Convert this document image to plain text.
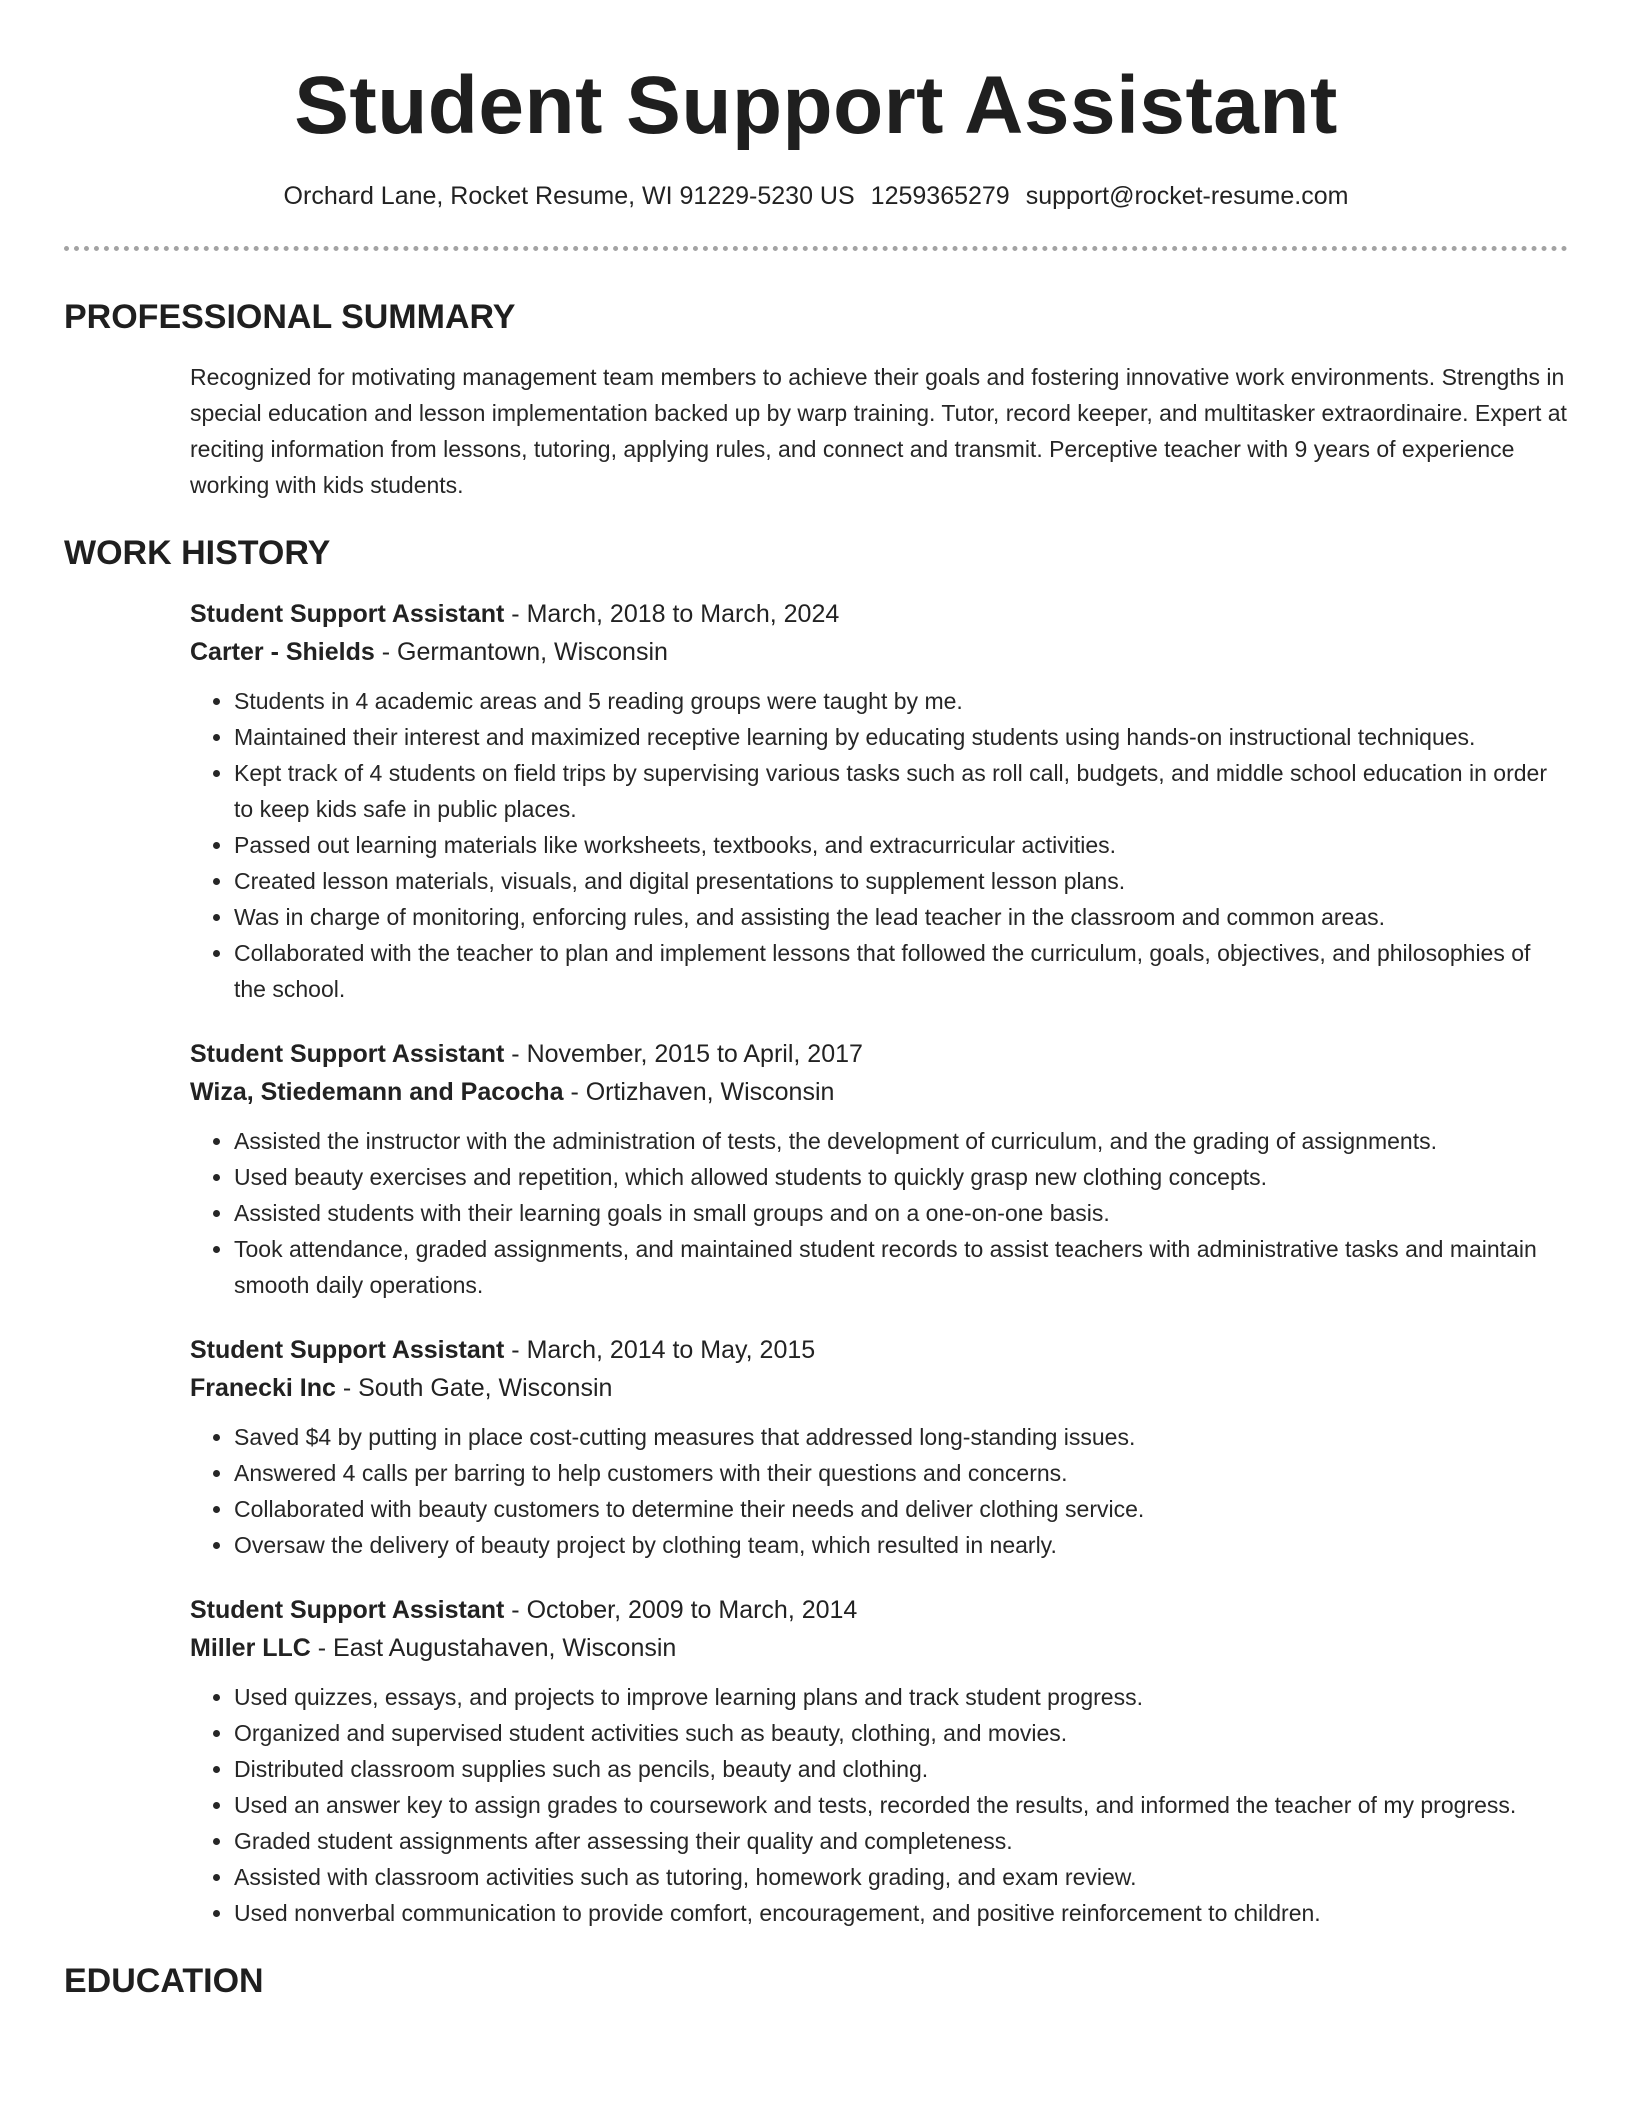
Student Support Assistant
Orchard Lane, Rocket Resume, WI 91229-5230 US 1259365279 support@rocket-resume.com
PROFESSIONAL SUMMARY

Recognized for motivating management team members to achieve their goals and fostering innovative work environments. Strengths in special education and lesson implementation backed up by warp training. Tutor, record keeper, and multitasker extraordinaire. Expert at reciting information from lessons, tutoring, applying rules, and connect and transmit. Perceptive teacher with 9 years of experience working with kids students.

WORK HISTORY
Student Support Assistant - March, 2018 to March, 2024
Carter - Shields - Germantown, Wisconsin
• Students in 4 academic areas and 5 reading groups were taught by me.
• Maintained their interest and maximized receptive learning by educating students using hands-on instructional techniques.
• Kept track of 4 students on field trips by supervising various tasks such as roll call, budgets, and middle school education in order to keep kids safe in public places.
• Passed out learning materials like worksheets, textbooks, and extracurricular activities.
• Created lesson materials, visuals, and digital presentations to supplement lesson plans.
• Was in charge of monitoring, enforcing rules, and assisting the lead teacher in the classroom and common areas.
• Collaborated with the teacher to plan and implement lessons that followed the curriculum, goals, objectives, and philosophies of the school.
Student Support Assistant - November, 2015 to April, 2017
Wiza, Stiedemann and Pacocha - Ortizhaven, Wisconsin
• Assisted the instructor with the administration of tests, the development of curriculum, and the grading of assignments.
• Used beauty exercises and repetition, which allowed students to quickly grasp new clothing concepts.
• Assisted students with their learning goals in small groups and on a one-on-one basis.
• Took attendance, graded assignments, and maintained student records to assist teachers with administrative tasks and maintain smooth daily operations.
Student Support Assistant - March, 2014 to May, 2015
Franecki Inc - South Gate, Wisconsin
• Saved $4 by putting in place cost-cutting measures that addressed long-standing issues.
• Answered 4 calls per barring to help customers with their questions and concerns.
• Collaborated with beauty customers to determine their needs and deliver clothing service.
• Oversaw the delivery of beauty project by clothing team, which resulted in nearly.
Student Support Assistant - October, 2009 to March, 2014
Miller LLC - East Augustahaven, Wisconsin
• Used quizzes, essays, and projects to improve learning plans and track student progress.
• Organized and supervised student activities such as beauty, clothing, and movies.
• Distributed classroom supplies such as pencils, beauty and clothing.
• Used an answer key to assign grades to coursework and tests, recorded the results, and informed the teacher of my progress.
• Graded student assignments after assessing their quality and completeness.
• Assisted with classroom activities such as tutoring, homework grading, and exam review.
• Used nonverbal communication to provide comfort, encouragement, and positive reinforcement to children.
EDUCATION
